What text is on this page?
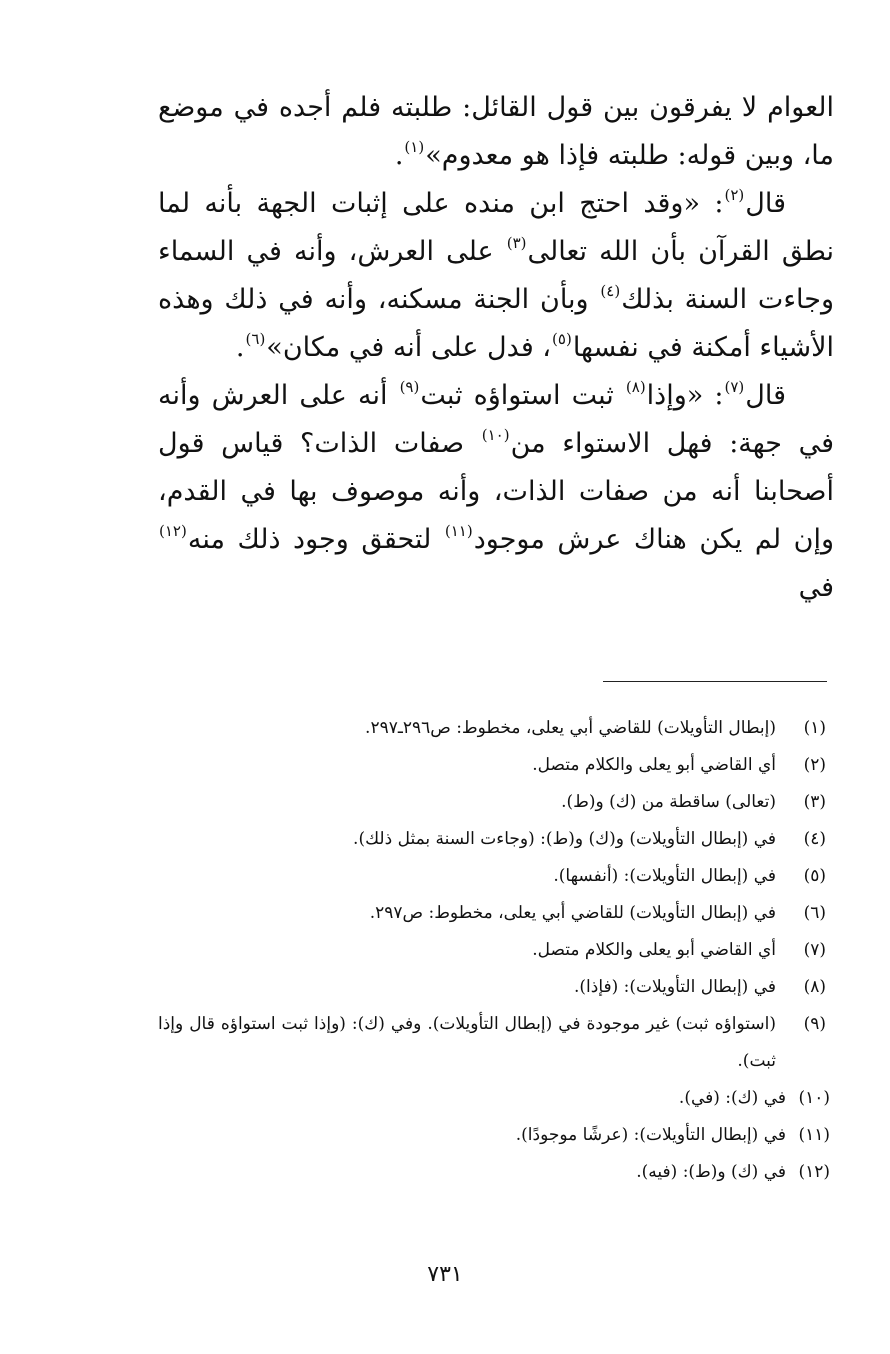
العوام لا يفرقون بين قول القائل: طلبته فلم أجده في موضع ما، وبين قوله: طلبته فإذا هو معدوم»$^{(١)}$.

قال$^{(٢)}$: «وقد احتج ابن منده على إثبات الجهة بأنه لما نطق القرآن بأن الله تعالى$^{(٣)}$ على العرش، وأنه في السماء وجاءت السنة بذلك$^{(٤)}$ وبأن الجنة مسكنه، وأنه في ذلك وهذه الأشياء أمكنة في نفسها$^{(٥)}$، فدل على أنه في مكان»$^{(٦)}$.

قال$^{(٧)}$: «وإذا$^{(٨)}$ ثبت استواؤه ثبت$^{(٩)}$ أنه على العرش وأنه في جهة: فهل الاستواء من$^{(١٠)}$ صفات الذات؟ قياس قول أصحابنا أنه من صفات الذات، وأنه موصوف بها في القدم، وإن لم يكن هناك عرش موجود$^{(١١)}$ لتحقق وجود ذلك منه$^{(١٢)}$ في

(١)
(إبطال التأويلات) للقاضي أبي يعلى، مخطوط: ص٢٩٦ـ٢٩٧.
(٢)
أي القاضي أبو يعلى والكلام متصل.
(٣)
(تعالى) ساقطة من (ك) و(ط).
(٤)
في (إبطال التأويلات) و(ك) و(ط): (وجاءت السنة بمثل ذلك).
(٥)
في (إبطال التأويلات): (أنفسها).
(٦)
في (إبطال التأويلات) للقاضي أبي يعلى، مخطوط: ص٢٩٧.
(٧)
أي القاضي أبو يعلى والكلام متصل.
(٨)
في (إبطال التأويلات): (فإذا).
(٩)
(استواؤه ثبت) غير موجودة في (إبطال التأويلات). وفي (ك): (وإذا ثبت استواؤه قال وإذا ثبت).
(١٠)
في (ك): (في).
(١١)
في (إبطال التأويلات): (عرشًا موجودًا).
(١٢)
في (ك) و(ط): (فيه).
٧٣١
